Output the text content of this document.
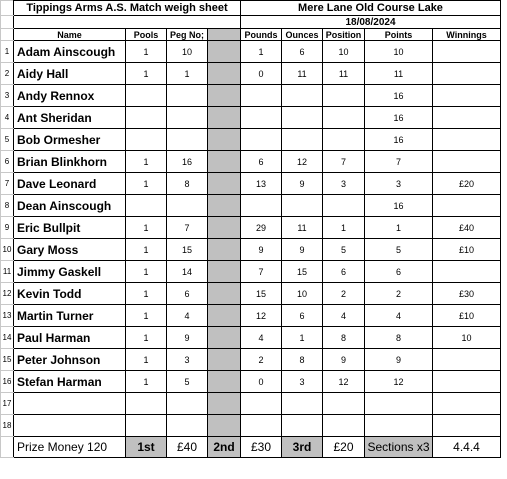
	Tippings Arms A.S. Match weigh sheet				Mere Lane Old Course Lake				
					18/08/2024				
	Name	Pools	Peg No;		Pounds	Ounces	Position	Points	Winnings
1	Adam Ainscough	1	10		1	6	10	10	
2	Aidy Hall	1	1		0	11	11	11	
3	Andy Rennox							16	
4	Ant Sheridan							16	
5	Bob Ormesher							16	
6	Brian Blinkhorn	1	16		6	12	7	7	
7	Dave Leonard	1	8		13	9	3	3	£20
8	Dean Ainscough							16	
9	Eric Bullpit	1	7		29	11	1	1	£40
10	Gary Moss	1	15		9	9	5	5	£10
11	Jimmy Gaskell	1	14		7	15	6	6	
12	Kevin Todd	1	6		15	10	2	2	£30
13	Martin Turner	1	4		12	6	4	4	£10
14	Paul Harman	1	9		4	1	8	8	10
15	Peter Johnson	1	3		2	8	9	9	
16	Stefan Harman	1	5		0	3	12	12	
17									
18									
	Prize Money 120	1st	£40	2nd	£30	3rd	£20	Sections x3	4.4.4
